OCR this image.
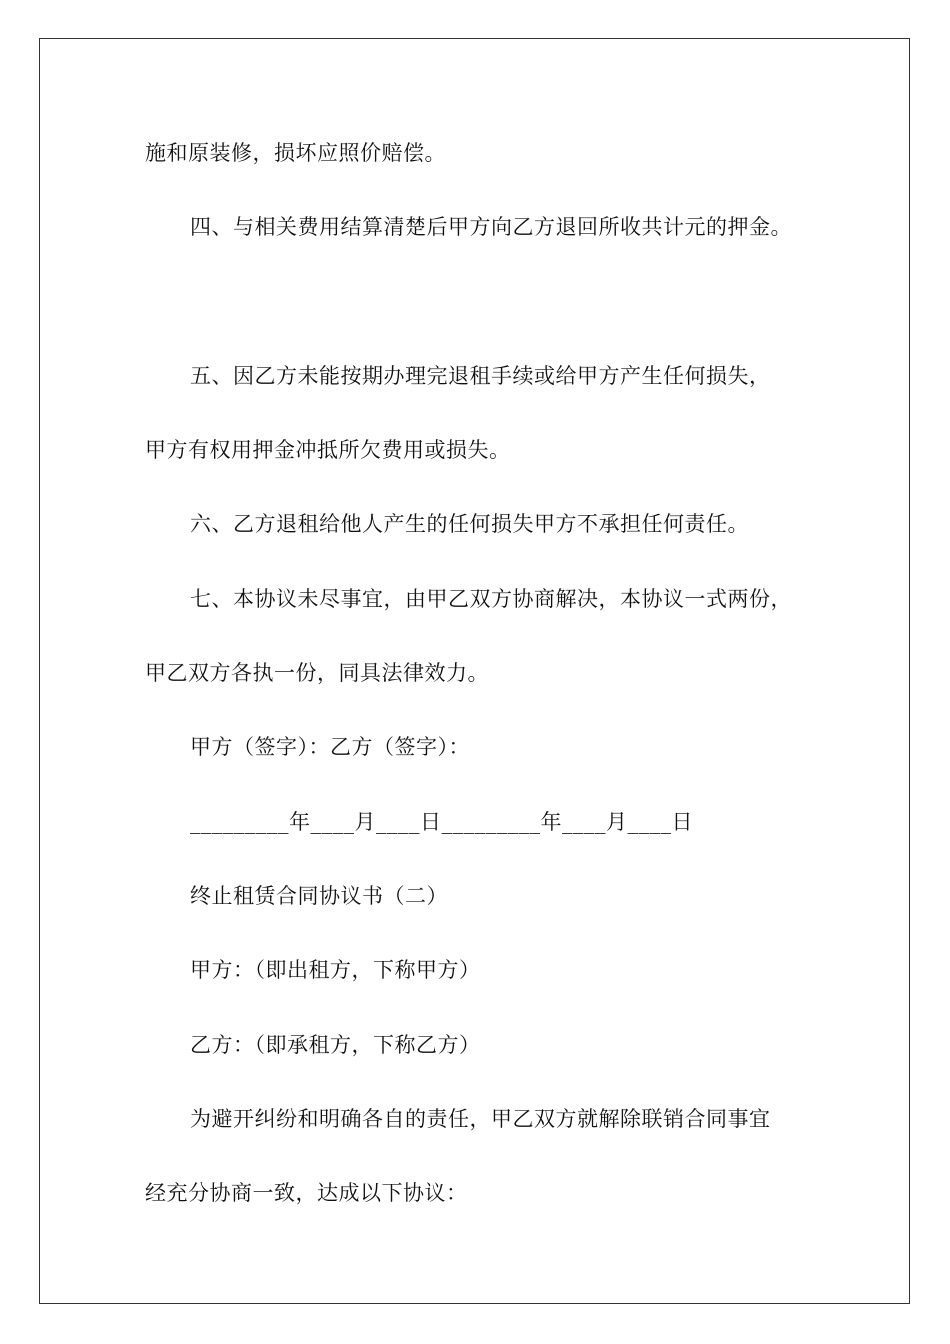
施和原装修，损坏应照价赔偿。
四、与相关费用结算清楚后甲方向乙方退回所收共计元的押金。
五、因乙方未能按期办理完退租手续或给甲方产生任何损失，
甲方有权用押金冲抵所欠费用或损失。
六、乙方退租给他人产生的任何损失甲方不承担任何责任。
七、本协议未尽事宜，由甲乙双方协商解决，本协议一式两份，
甲乙双方各执一份，同具法律效力。
甲方（签字）：乙方（签字）：
_________年____月____日_________年____月____日
终止租赁合同协议书（二）
甲方：（即出租方，下称甲方）
乙方：（即承租方，下称乙方）
为避开纠纷和明确各自的责任，甲乙双方就解除联销合同事宜
经充分协商一致，达成以下协议：
